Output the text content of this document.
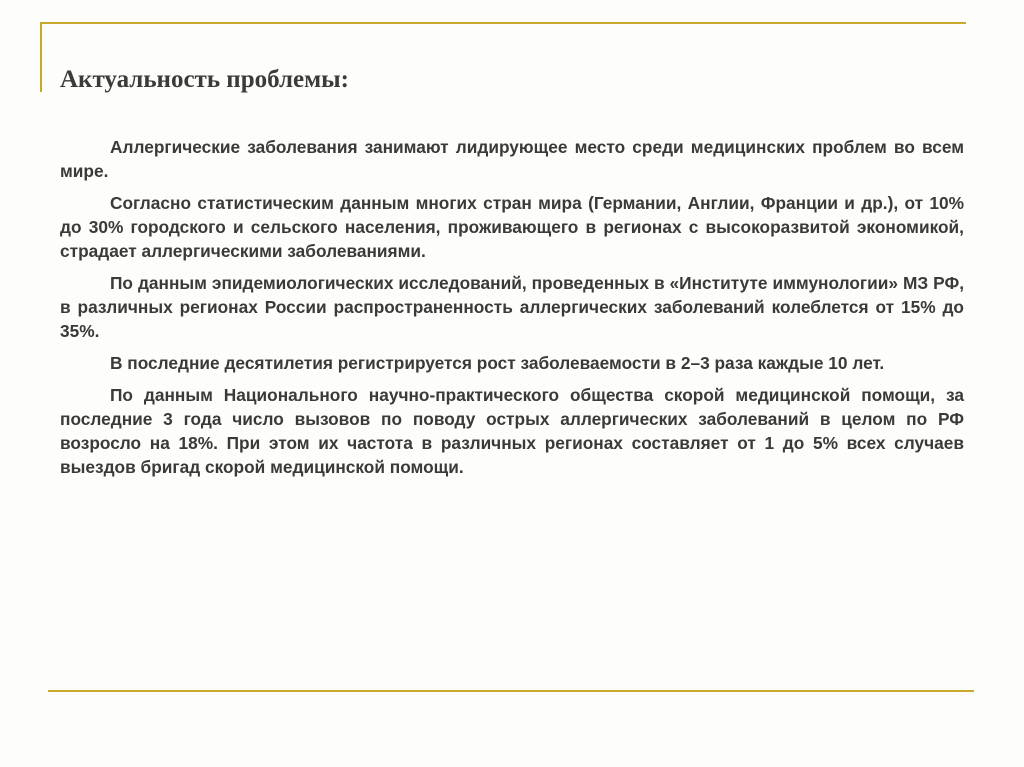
Актуальность проблемы:

Аллергические заболевания занимают лидирующее место среди медицинских проблем во всем мире.

Согласно статистическим данным многих стран мира (Германии, Англии, Франции и др.), от 10% до 30% городского и сельского населения, проживающего в регионах с высокоразвитой экономикой, страдает аллергическими заболеваниями.

По данным эпидемиологических исследований, проведенных в «Институте иммунологии» МЗ РФ, в различных регионах России распространенность аллергических заболеваний колеблется от 15% до 35%.

В последние десятилетия регистрируется рост заболеваемости в 2–3 раза каждые 10 лет.

По данным Национального научно-практического общества скорой медицинской помощи, за последние 3 года число вызовов по поводу острых аллергических заболеваний в целом по РФ возросло на 18%. При этом их частота в различных регионах составляет от 1 до 5% всех случаев выездов бригад скорой медицинской помощи.
